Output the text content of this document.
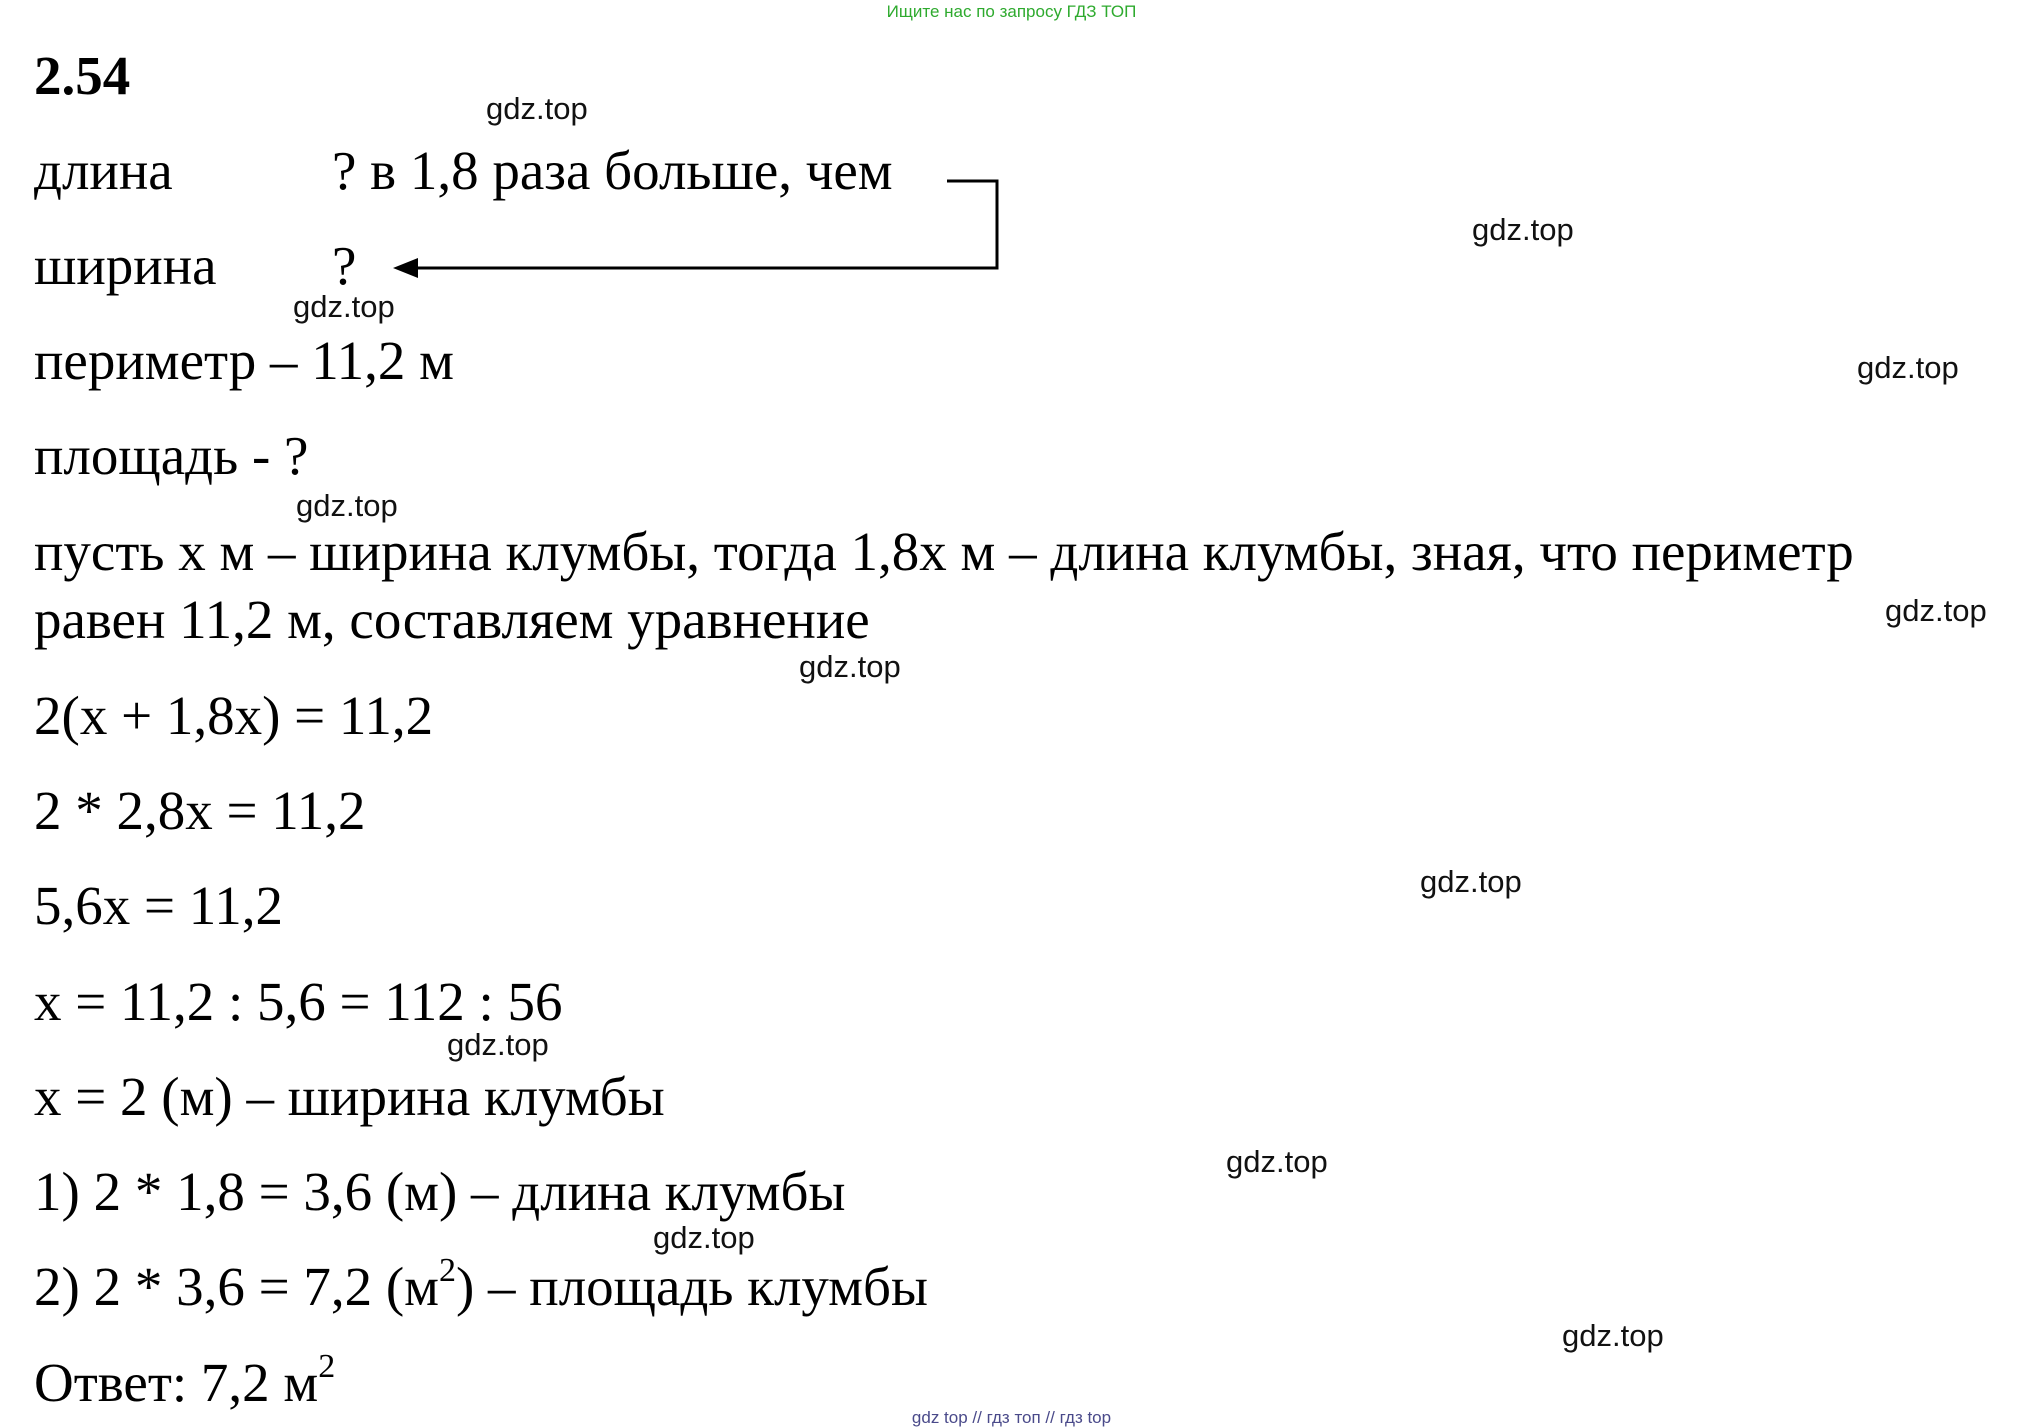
Ищите нас по запросу ГДЗ ТОП
2.54
длина	? в 1,8 раза больше, чем
ширина ?
периметр – 11,2 м
площадь - ?
пусть x м – ширина клумбы, тогда 1,8x м – длина клумбы, зная, что периметр
равен 11,2 м, составляем уравнение
2(x + 1,8x) = 11,2
2 * 2,8x = 11,2
5,6x = 11,2
x = 11,2 : 5,6 = 112 : 56
x = 2 (м) – ширина клумбы
1) 2 * 1,8 = 3,6 (м) – длина клумбы
2) 2 * 3,6 = 7,2 $(м^2)$ – площадь клумбы
Ответ: 7,2 $м^2$
gdz.top
gdz.top
gdz.top
gdz.top
gdz.top
gdz.top
gdz.top
gdz.top
gdz.top
gdz.top
gdz.top
gdz.top
gdz top // гдз топ // гдз top
